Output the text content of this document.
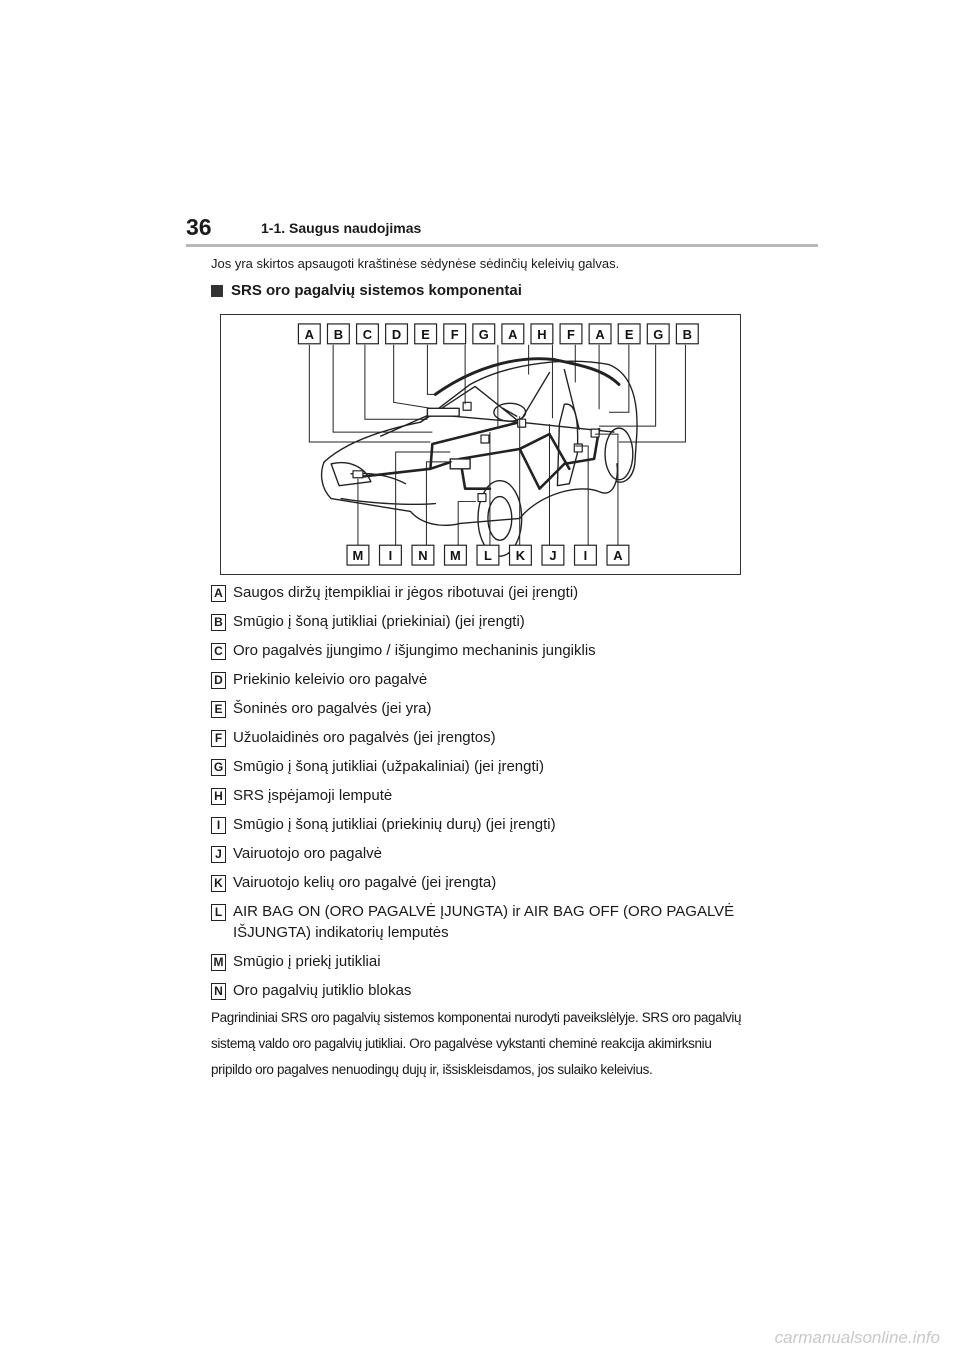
36	1-1. Saugus naudojimas
Jos yra skirtos apsaugoti kraštinėse sėdynėse sėdinčių keleivių galvas.
SRS oro pagalvių sistemos komponentai
A B C D E F G A H F A E G B
M I N M L K J I A
A Saugos diržų įtempikliai ir jėgos ribotuvai (jei įrengti)
B Smūgio į šoną jutikliai (priekiniai) (jei įrengti)
C Oro pagalvės įjungimo / išjungimo mechaninis jungiklis
D Priekinio keleivio oro pagalvė
E Šoninės oro pagalvės (jei yra)
F Užuolaidinės oro pagalvės (jei įrengtos)
G Smūgio į šoną jutikliai (užpakaliniai) (jei įrengti)
H SRS įspėjamoji lemputė
I Smūgio į šoną jutikliai (priekinių durų) (jei įrengti)
J Vairuotojo oro pagalvė
K Vairuotojo kelių oro pagalvė (jei įrengta)
L AIR BAG ON (ORO PAGALVĖ ĮJUNGTA) ir AIR BAG OFF (ORO PAGALVĖ IŠJUNGTA) indikatorių lemputės
M Smūgio į priekį jutikliai
N Oro pagalvių jutiklio blokas
Pagrindiniai SRS oro pagalvių sistemos komponentai nurodyti paveikslėlyje. SRS oro pagalvių sistemą valdo oro pagalvių jutikliai. Oro pagalvėse vykstanti cheminė reakcija akimirksniu pripildo oro pagalves nenuodingų dujų ir, išsiskleisdamos, jos sulaiko keleivius.
carmanualsonline.info
